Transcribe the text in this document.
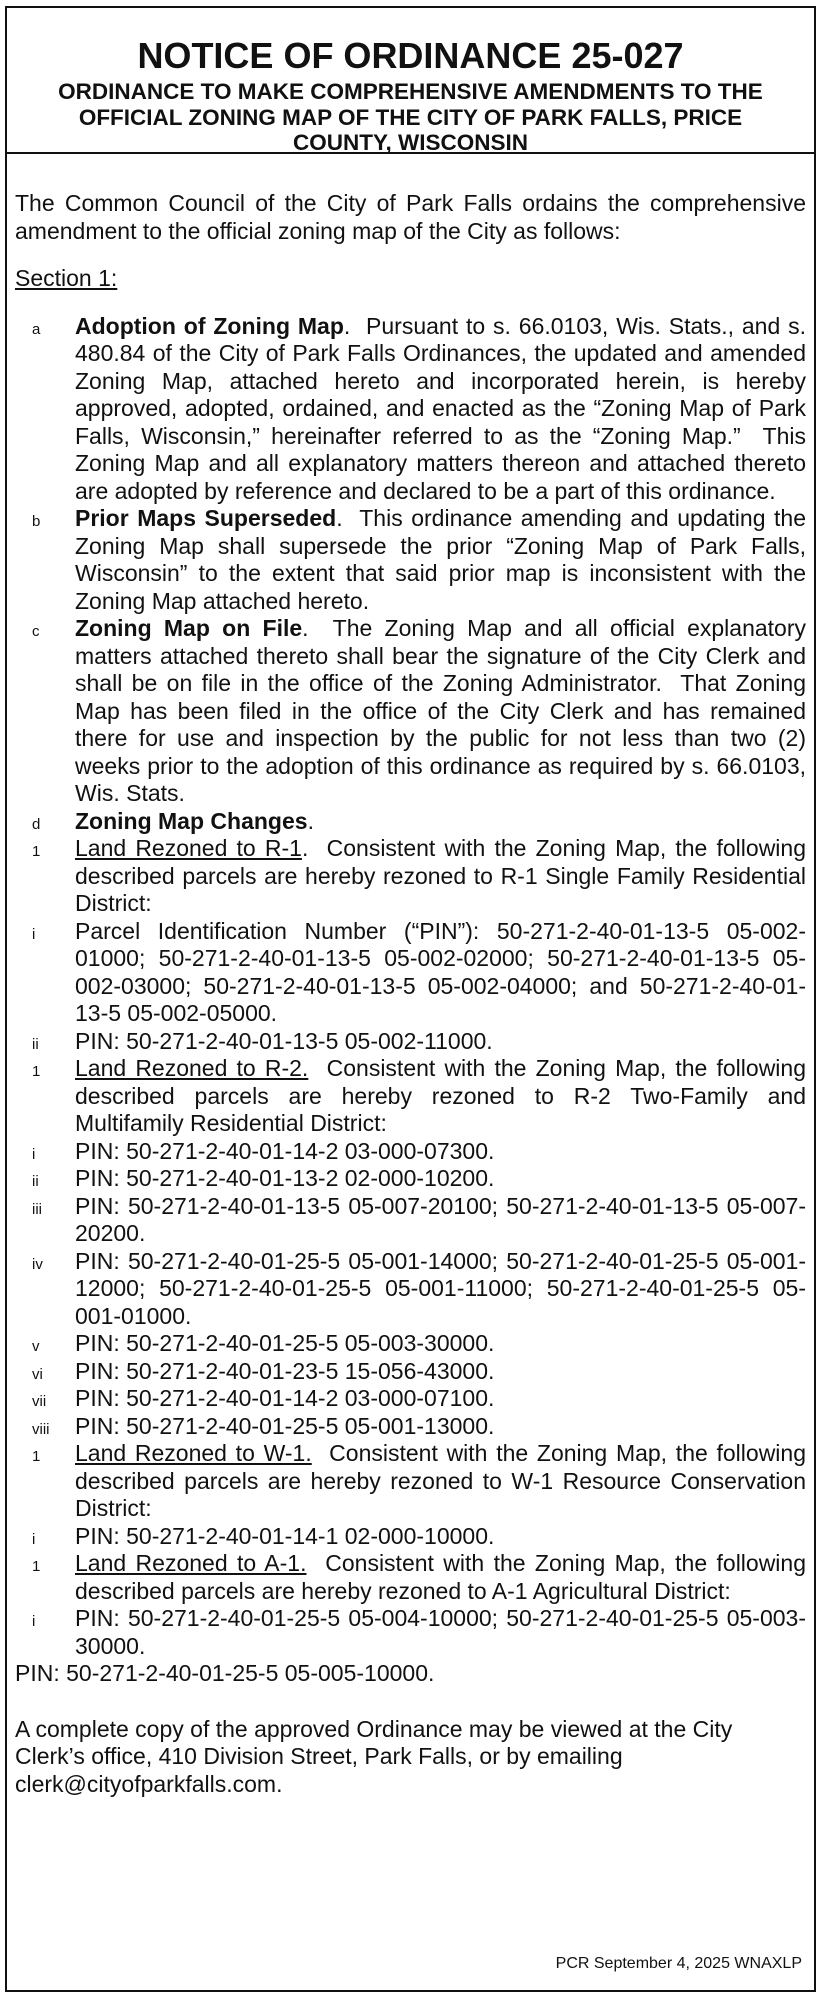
NOTICE OF ORDINANCE 25-027
ORDINANCE TO MAKE COMPREHENSIVE AMENDMENTS TO THE OFFICIAL ZONING MAP OF THE CITY OF PARK FALLS, PRICE COUNTY, WISCONSIN

The Common Council of the City of Park Falls ordains the comprehensive amendment to the official zoning map of the City as follows:

Section 1:

a Adoption of Zoning Map.  Pursuant to s. 66.0103, Wis. Stats., and s. 480.84 of the City of Park Falls Ordinances, the updated and amended Zoning Map, attached hereto and incorporated herein, is hereby approved, adopted, ordained, and enacted as the “Zoning Map of Park Falls, Wisconsin,” hereinafter referred to as the “Zoning Map.”  This Zoning Map and all explanatory matters thereon and attached thereto are adopted by reference and declared to be a part of this ordinance.
b Prior Maps Superseded.  This ordinance amending and updating the Zoning Map shall supersede the prior “Zoning Map of Park Falls, Wisconsin” to the extent that said prior map is inconsistent with the Zoning Map attached hereto.
c Zoning Map on File.  The Zoning Map and all official explanatory matters attached thereto shall bear the signature of the City Clerk and shall be on file in the office of the Zoning Administrator.  That Zoning Map has been filed in the office of the City Clerk and has remained there for use and inspection by the public for not less than two (2) weeks prior to the adoption of this ordinance as required by s. 66.0103, Wis. Stats.
d Zoning Map Changes.
1 Land Rezoned to R-1.  Consistent with the Zoning Map, the following described parcels are hereby rezoned to R-1 Single Family Residential District:
i Parcel Identification Number (“PIN”): 50-271-2-40-01-13-5 05-002-01000; 50-271-2-40-01-13-5 05-002-02000; 50-271-2-40-01-13-5 05-002-03000; 50-271-2-40-01-13-5 05-002-04000; and 50-271-2-40-01-13-5 05-002-05000.
ii PIN: 50-271-2-40-01-13-5 05-002-11000.
1 Land Rezoned to R-2.  Consistent with the Zoning Map, the following described parcels are hereby rezoned to R-2 Two-Family and Multifamily Residential District:
i PIN: 50-271-2-40-01-14-2 03-000-07300.
ii PIN: 50-271-2-40-01-13-2 02-000-10200.
iii PIN: 50-271-2-40-01-13-5 05-007-20100; 50-271-2-40-01-13-5 05-007-20200.
iv PIN: 50-271-2-40-01-25-5 05-001-14000; 50-271-2-40-01-25-5 05-001-12000; 50-271-2-40-01-25-5 05-001-11000; 50-271-2-40-01-25-5 05-001-01000.
v PIN: 50-271-2-40-01-25-5 05-003-30000.
vi PIN: 50-271-2-40-01-23-5 15-056-43000.
vii PIN: 50-271-2-40-01-14-2 03-000-07100.
viii PIN: 50-271-2-40-01-25-5 05-001-13000.
1 Land Rezoned to W-1.  Consistent with the Zoning Map, the following described parcels are hereby rezoned to W-1 Resource Conservation District:
i PIN: 50-271-2-40-01-14-1 02-000-10000.
1 Land Rezoned to A-1.  Consistent with the Zoning Map, the following described parcels are hereby rezoned to A-1 Agricultural District:
i PIN: 50-271-2-40-01-25-5 05-004-10000; 50-271-2-40-01-25-5 05-003-30000.

PIN: 50-271-2-40-01-25-5 05-005-10000.

A complete copy of the approved Ordinance may be viewed at the City Clerk’s office, 410 Division Street, Park Falls, or by emailing clerk@cityofparkfalls.com.

PCR September 4, 2025 WNAXLP
